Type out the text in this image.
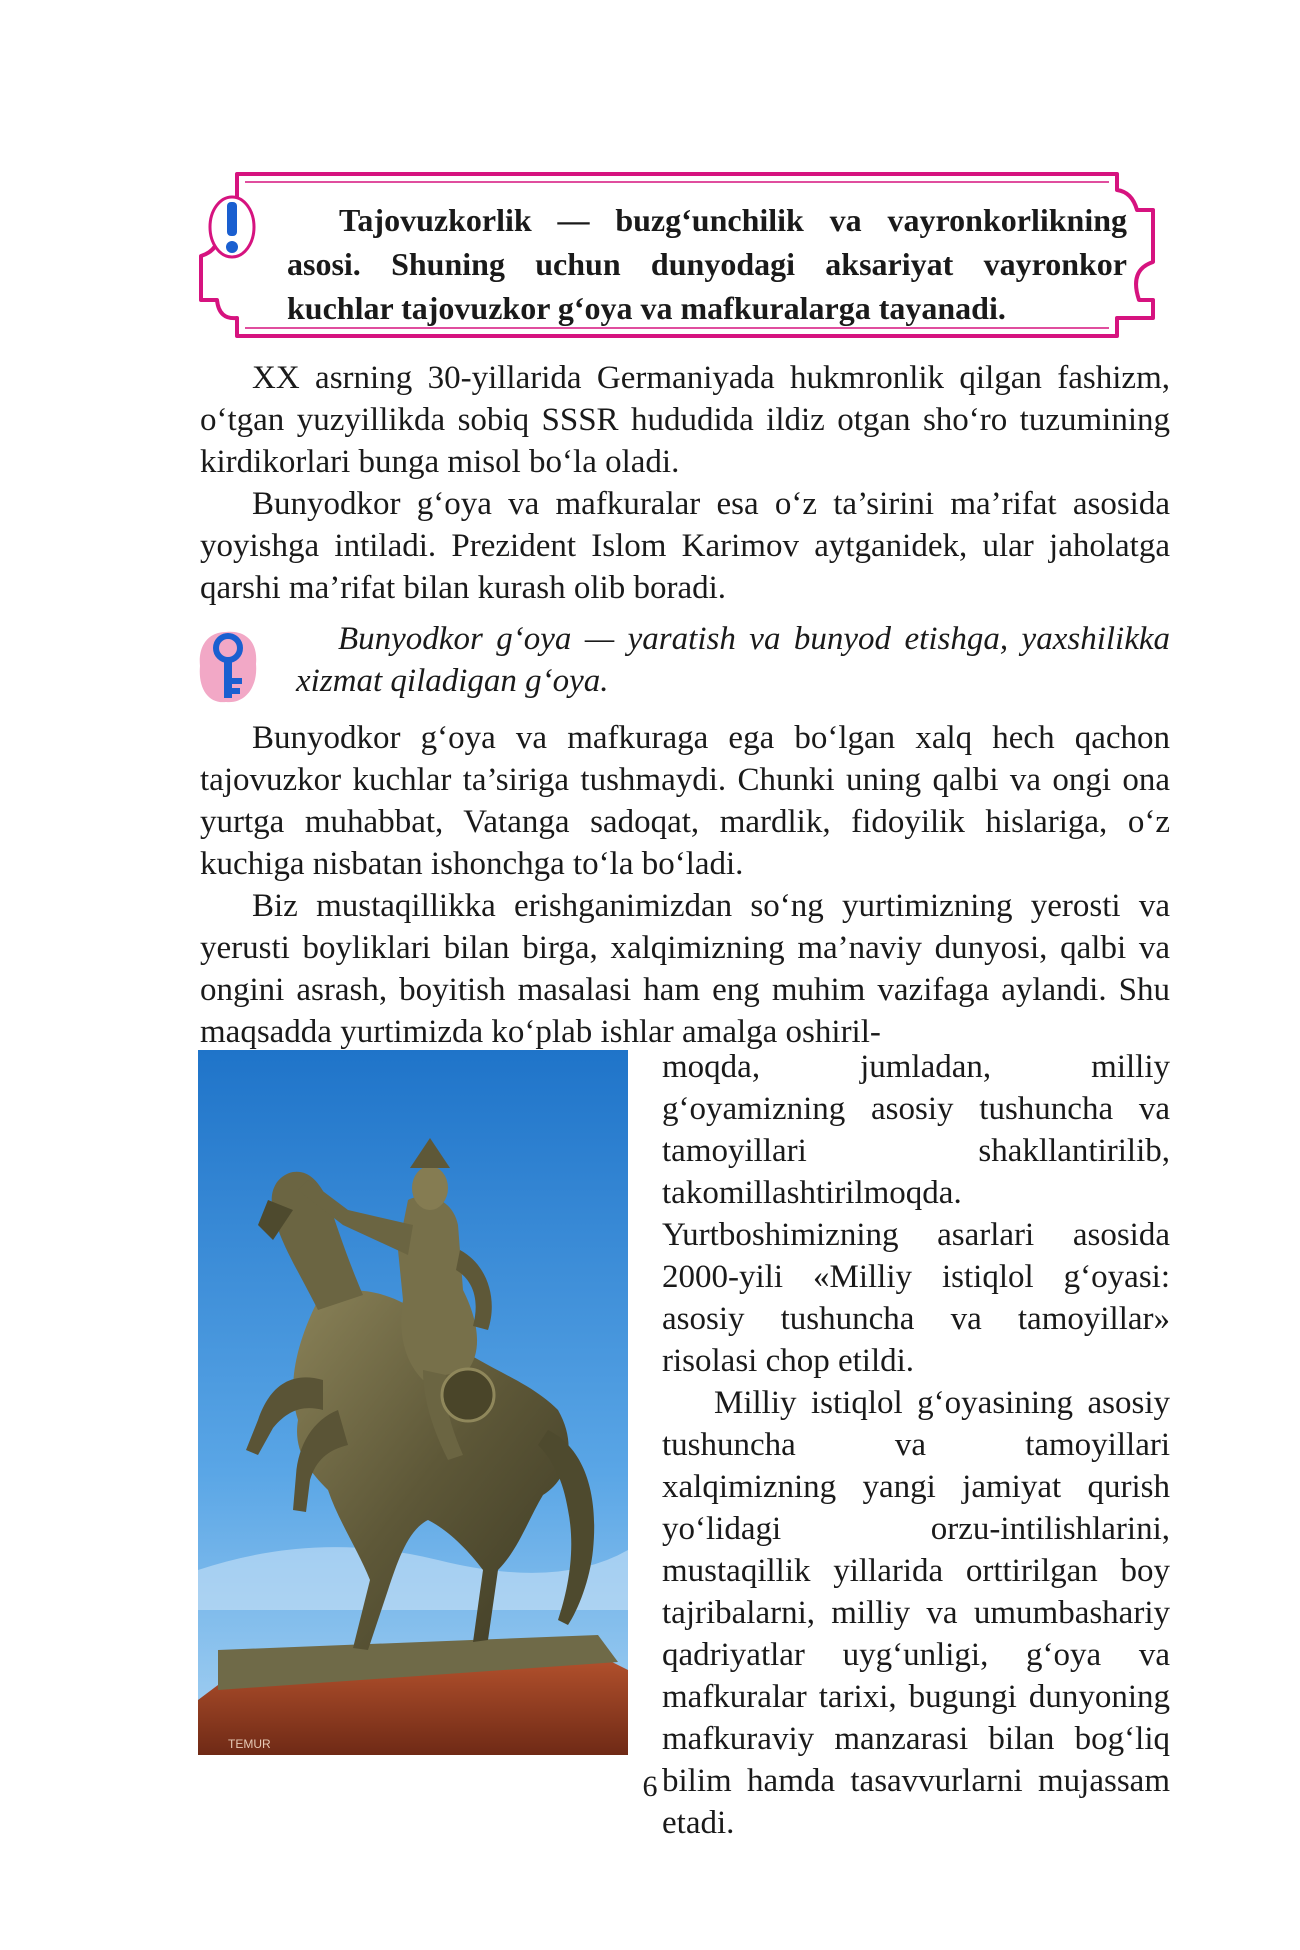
Tajovuzkorlik — buzg‘unchilik va vayronkorlikning asosi. Shuning uchun dunyodagi aksariyat vayronkor kuchlar tajovuzkor g‘oya va mafkuralarga tayanadi.
XX asrning 30-yillarida Germaniyada hukmronlik qilgan fashizm, o‘tgan yuzyillikda sobiq SSSR hududida ildiz otgan sho‘ro tuzumining kirdikorlari bunga misol bo‘la oladi.
Bunyodkor g‘oya va mafkuralar esa o‘z ta’sirini ma’rifat asosida yoyishga intiladi. Prezident Islom Karimov aytganidek, ular jaholatga qarshi ma’rifat bilan kurash olib boradi.
Bunyodkor g‘oya — yaratish va bunyod etishga, yaxshilikka xizmat qiladigan g‘oya.
Bunyodkor g‘oya va mafkuraga ega bo‘lgan xalq hech qachon tajovuzkor kuchlar ta’siriga tushmaydi. Chunki uning qalbi va ongi ona yurtga muhabbat, Vatanga sadoqat, mardlik, fidoyilik hislariga, o‘z kuchiga nisbatan ishonchga to‘la bo‘ladi.
Biz mustaqillikka erishganimizdan so‘ng yurtimizning yerosti va yerusti boyliklari bilan birga, xalqimizning ma’naviy dunyosi, qalbi va ongini asrash, boyitish masalasi ham eng muhim vazifaga aylandi. Shu maqsadda yurtimizda ko‘plab ishlar amalga oshiril-
TEMUR

moqda, jumladan, milliy g‘oyamizning asosiy tushuncha va tamoyillari shakllantirilib, takomillashtirilmoqda. Yurtboshimizning asarlari asosida 2000-yili «Milliy istiqlol g‘oyasi: asosiy tushuncha va tamoyillar» risolasi chop etildi.

Milliy istiqlol g‘oyasining asosiy tushuncha va tamoyillari xalqimizning yangi jamiyat qurish yo‘lidagi orzu-intilishlarini, mustaqillik yillarida orttirilgan boy tajribalarni, milliy va umumbashariy qadriyatlar uyg‘unligi, g‘oya va mafkuralar tarixi, bugungi dunyoning mafkuraviy manzarasi bilan bog‘liq bilim hamda tasavvurlarni mujassam etadi.

6
